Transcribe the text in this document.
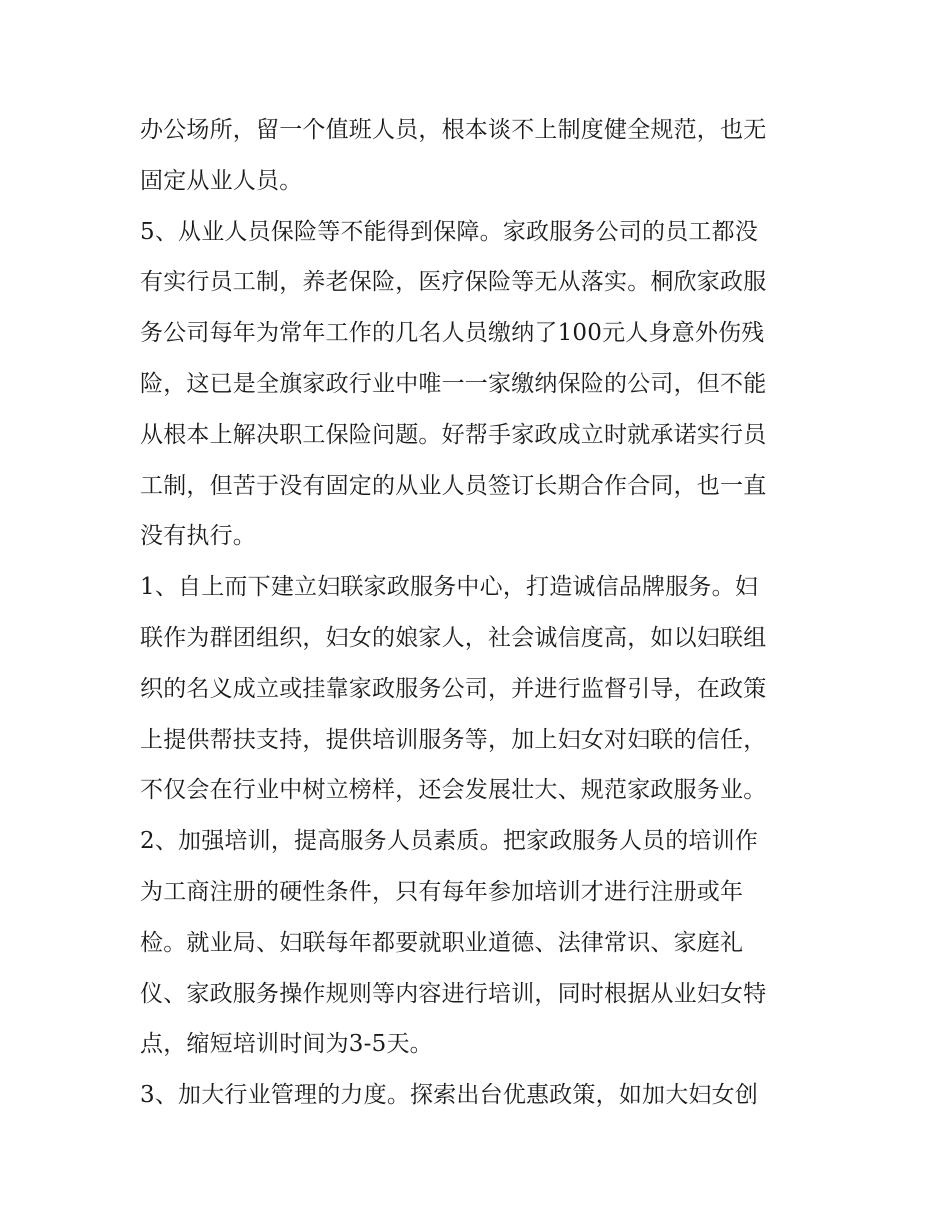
办公场所，留一个值班人员，根本谈不上制度健全规范，也无
固定从业人员。
5、从业人员保险等不能得到保障。家政服务公司的员工都没
有实行员工制，养老保险，医疗保险等无从落实。桐欣家政服
务公司每年为常年工作的几名人员缴纳了100元人身意外伤残
险，这已是全旗家政行业中唯一一家缴纳保险的公司，但不能
从根本上解决职工保险问题。好帮手家政成立时就承诺实行员
工制，但苦于没有固定的从业人员签订长期合作合同，也一直
没有执行。
1、自上而下建立妇联家政服务中心，打造诚信品牌服务。妇
联作为群团组织，妇女的娘家人，社会诚信度高，如以妇联组
织的名义成立或挂靠家政服务公司，并进行监督引导，在政策
上提供帮扶支持，提供培训服务等，加上妇女对妇联的信任，
不仅会在行业中树立榜样，还会发展壮大、规范家政服务业。
2、加强培训，提高服务人员素质。把家政服务人员的培训作
为工商注册的硬性条件，只有每年参加培训才进行注册或年
检。就业局、妇联每年都要就职业道德、法律常识、家庭礼
仪、家政服务操作规则等内容进行培训，同时根据从业妇女特
点，缩短培训时间为3-5天。
3、加大行业管理的力度。探索出台优惠政策，如加大妇女创
